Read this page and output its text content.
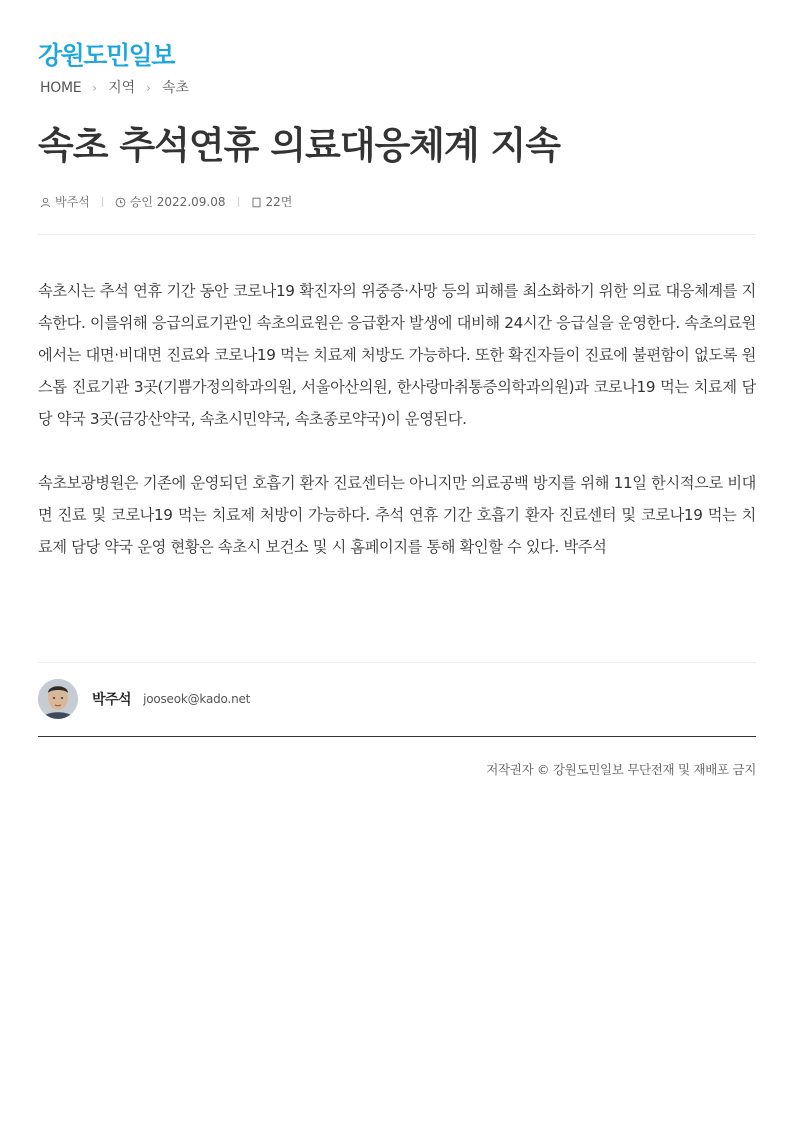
강원도민일보
HOME › 지역 › 속초
속초 추석연휴 의료대응체계 지속
박주석	승인 2022.09.08	22면

속초시는 추석 연휴 기간 동안 코로나19 확진자의 위중증·사망 등의 피해를 최소화하기 위한 의료 대응체계를 지속한다. 이를위해 응급의료기관인 속초의료원은 응급환자 발생에 대비해 24시간 응급실을 운영한다. 속초의료원에서는 대면·비대면 진료와 코로나19 먹는 치료제 처방도 가능하다. 또한 확진자들이 진료에 불편함이 없도록 원스톱 진료기관 3곳(기쁨가정의학과의원, 서울아산의원, 한사랑마취통증의학과의원)과 코로나19 먹는 치료제 담당 약국 3곳(금강산약국, 속초시민약국, 속초종로약국)이 운영된다.

속초보광병원은 기존에 운영되던 호흡기 환자 진료센터는 아니지만 의료공백 방지를 위해 11일 한시적으로 비대면 진료 및 코로나19 먹는 치료제 처방이 가능하다. 추석 연휴 기간 호흡기 환자 진료센터 및 코로나19 먹는 치료제 담당 약국 운영 현황은 속초시 보건소 및 시 홈페이지를 통해 확인할 수 있다. 박주석

박주석 jooseok@kado.net
저작권자 © 강원도민일보 무단전재 및 재배포 금지
